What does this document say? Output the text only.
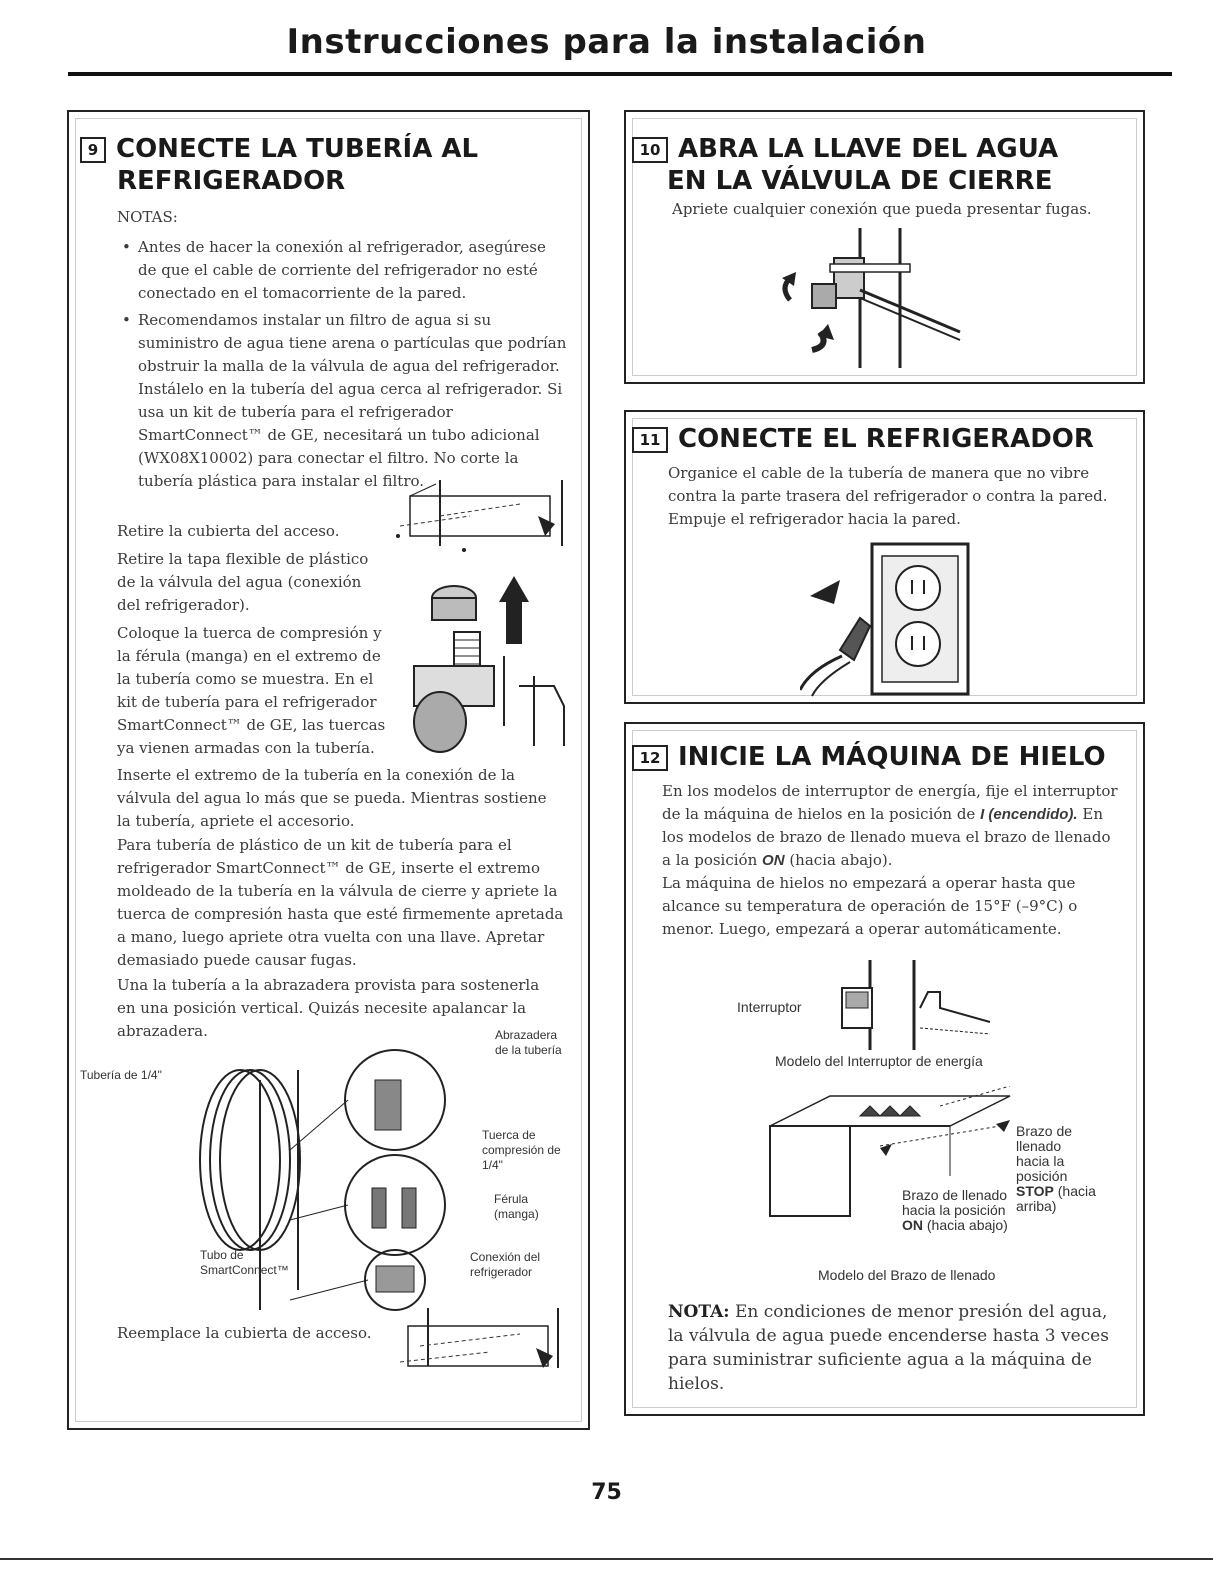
Instrucciones para la instalación
9 CONECTE LA TUBERÍA AL
REFRIGERADOR
NOTAS:
• Antes de hacer la conexión al refrigerador, asegúrese de que el cable de corriente del refrigerador no esté conectado en el tomacorriente de la pared.
• Recomendamos instalar un filtro de agua si su suministro de agua tiene arena o partículas que podrían obstruir la malla de la válvula de agua del refrigerador. Instálelo en la tubería del agua cerca al refrigerador. Si usa un kit de tubería para el refrigerador SmartConnect™ de GE, necesitará un tubo adicional (WX08X10002) para conectar el filtro. No corte la tubería plástica para instalar el filtro.
Retire la cubierta del acceso.
Retire la tapa flexible de plástico de la válvula del agua (conexión del refrigerador).
Coloque la tuerca de compresión y la férula (manga) en el extremo de la tubería como se muestra. En el kit de tubería para el refrigerador SmartConnect™ de GE, las tuercas ya vienen armadas con la tubería.
Inserte el extremo de la tubería en la conexión de la válvula del agua lo más que se pueda. Mientras sostiene la tubería, apriete el accesorio.
Para tubería de plástico de un kit de tubería para el refrigerador SmartConnect™ de GE, inserte el extremo moldeado de la tubería en la válvula de cierre y apriete la tuerca de compresión hasta que esté firmemente apretada a mano, luego apriete otra vuelta con una llave. Apretar demasiado puede causar fugas.
Una la tubería a la abrazadera provista para sostenerla en una posición vertical. Quizás necesite apalancar la abrazadera.	Abrazadera de la tubería
Tubería de 1/4"
Tuerca de compresión de 1/4"
Férula (manga)
Conexión del refrigerador
Tubo de SmartConnect™
Reemplace la cubierta de acceso.
10 ABRA LA LLAVE DEL AGUA
EN LA VÁLVULA DE CIERRE
Apriete cualquier conexión que pueda presentar fugas.
11 CONECTE EL REFRIGERADOR
Organice el cable de la tubería de manera que no vibre contra la parte trasera del refrigerador o contra la pared. Empuje el refrigerador hacia la pared.
12 INICIE LA MÁQUINA DE HIELO
En los modelos de interruptor de energía, fije el interruptor de la máquina de hielos en la posición de I (encendido). En los modelos de brazo de llenado mueva el brazo de llenado a la posición ON (hacia abajo).
La máquina de hielos no empezará a operar hasta que alcance su temperatura de operación de 15°F (–9°C) o menor. Luego, empezará a operar automáticamente.
Interruptor
Modelo del Interruptor de energía
Brazo de llenado hacia la posición STOP (hacia arriba)
Brazo de llenado hacia la posición ON (hacia abajo)
Modelo del Brazo de llenado
NOTA: En condiciones de menor presión del agua, la válvula de agua puede encenderse hasta 3 veces para suministrar suficiente agua a la máquina de hielos.
75
